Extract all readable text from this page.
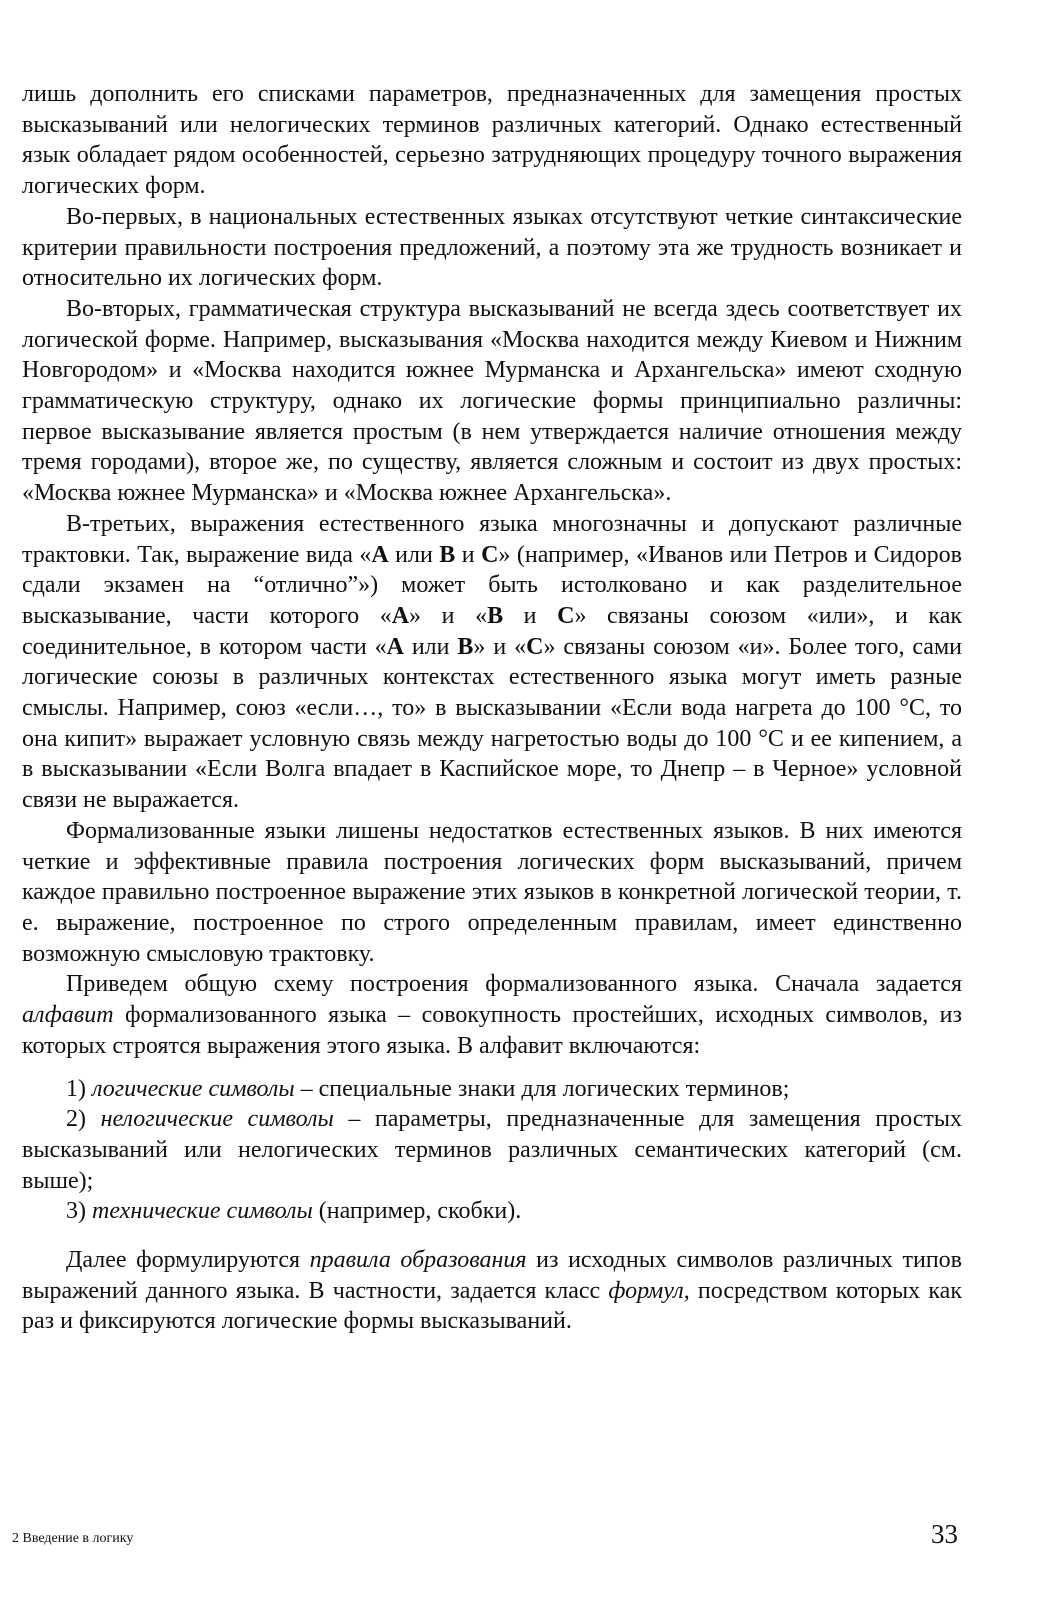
лишь дополнить его списками параметров, предназначенных для замещения простых высказываний или нелогических терминов различных категорий. Однако естественный язык обладает рядом особенностей, серьезно затрудняющих процедуру точного выражения логических форм.

Во-первых, в национальных естественных языках отсутствуют четкие синтаксические критерии правильности построения предложений, а поэтому эта же трудность возникает и относительно их логических форм.

Во-вторых, грамматическая структура высказываний не всегда здесь соответствует их логической форме. Например, высказывания «Москва находится между Киевом и Нижним Новгородом» и «Москва находится южнее Мурманска и Архангельска» имеют сходную грамматическую структуру, однако их логические формы принципиально различны: первое высказывание является простым (в нем утверждается наличие отношения между тремя городами), второе же, по существу, является сложным и состоит из двух простых: «Москва южнее Мурманска» и «Москва южнее Архангельска».

В-третьих, выражения естественного языка многозначны и допускают различные трактовки. Так, выражение вида «А или В и С» (например, «Иванов или Петров и Сидоров сдали экзамен на “отлично”») может быть истолковано и как разделительное высказывание, части которого «А» и «В и С» связаны союзом «или», и как соединительное, в котором части «А или В» и «С» связаны союзом «и». Более того, сами логические союзы в различных контекстах естественного языка могут иметь разные смыслы. Например, союз «если…, то» в высказывании «Если вода нагрета до 100 °С, то она кипит» выражает условную связь между нагретостью воды до 100 °С и ее кипением, а в высказывании «Если Волга впадает в Каспийское море, то Днепр – в Черное» условной связи не выражается.

Формализованные языки лишены недостатков естественных языков. В них имеются четкие и эффективные правила построения логических форм высказываний, причем каждое правильно построенное выражение этих языков в конкретной логической теории, т. е. выражение, построенное по строго определенным правилам, имеет единственно возможную смысловую трактовку.

Приведем общую схему построения формализованного языка. Сначала задается алфавит формализованного языка – совокупность простейших, исходных символов, из которых строятся выражения этого языка. В алфавит включаются:

1) логические символы – специальные знаки для логических терминов;

2) нелогические символы – параметры, предназначенные для замещения простых высказываний или нелогических терминов различных семантических категорий (см. выше);

3) технические символы (например, скобки).

Далее формулируются правила образования из исходных символов различных типов выражений данного языка. В частности, задается класс формул, посредством которых как раз и фиксируются логические формы высказываний.

2 Введение в логику	33
